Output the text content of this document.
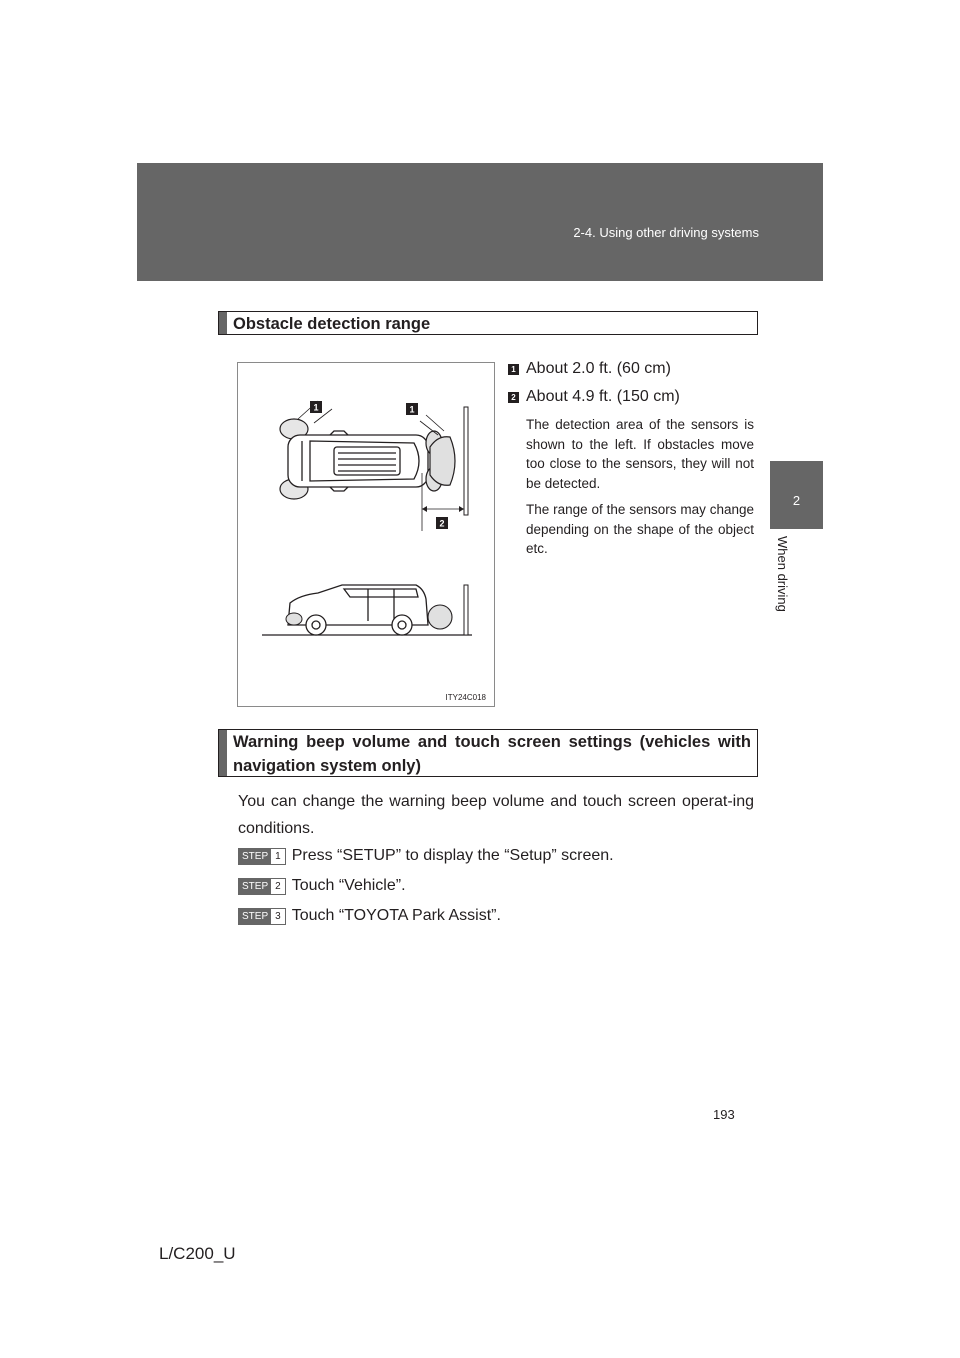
2-4. Using other driving systems
2
When driving
Obstacle detection range
1	1
2
ITY24C018
1 About 2.0 ft. (60 cm)
2 About 4.9 ft. (150 cm)

The detection area of the sensors is shown to the left. If obstacles move too close to the sensors, they will not be detected.

The range of the sensors may change depending on the shape of the object etc.

Warning beep volume and touch screen settings (vehicles with navigation system only)

You can change the warning beep volume and touch screen operat-ing conditions.

STEP 1 Press “SETUP” to display the “Setup” screen.
STEP 2 Touch “Vehicle”.
STEP 3 Touch “TOYOTA Park Assist”.
193
L/C200_U
